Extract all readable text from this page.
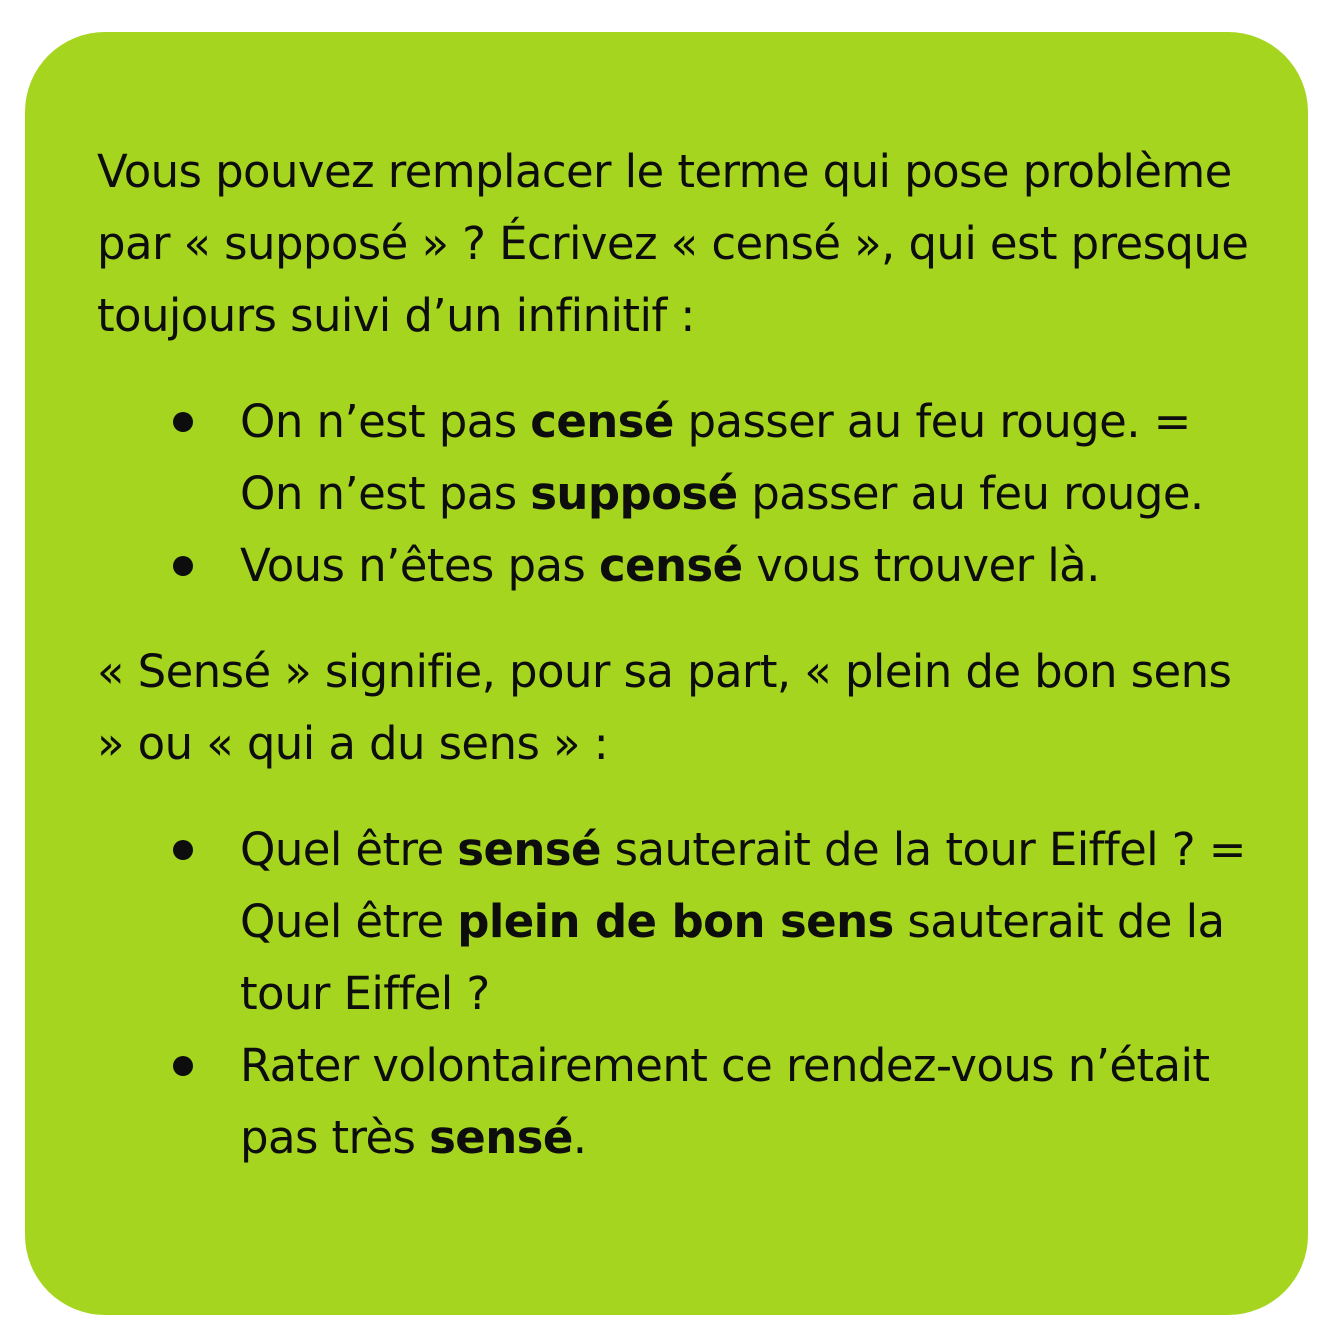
Vous pouvez remplacer le terme qui pose problème par « supposé » ? Écrivez « censé », qui est presque toujours suivi d’un infinitif :

On n’est pas censé passer au feu rouge. = On n’est pas supposé passer au feu rouge.
Vous n’êtes pas censé vous trouver là.

« Sensé » signifie, pour sa part, « plein de bon sens » ou « qui a du sens » :

Quel être sensé sauterait de la tour Eiffel ? = Quel être plein de bon sens sauterait de la tour Eiffel ?
Rater volontairement ce rendez-vous n’était pas très sensé.
